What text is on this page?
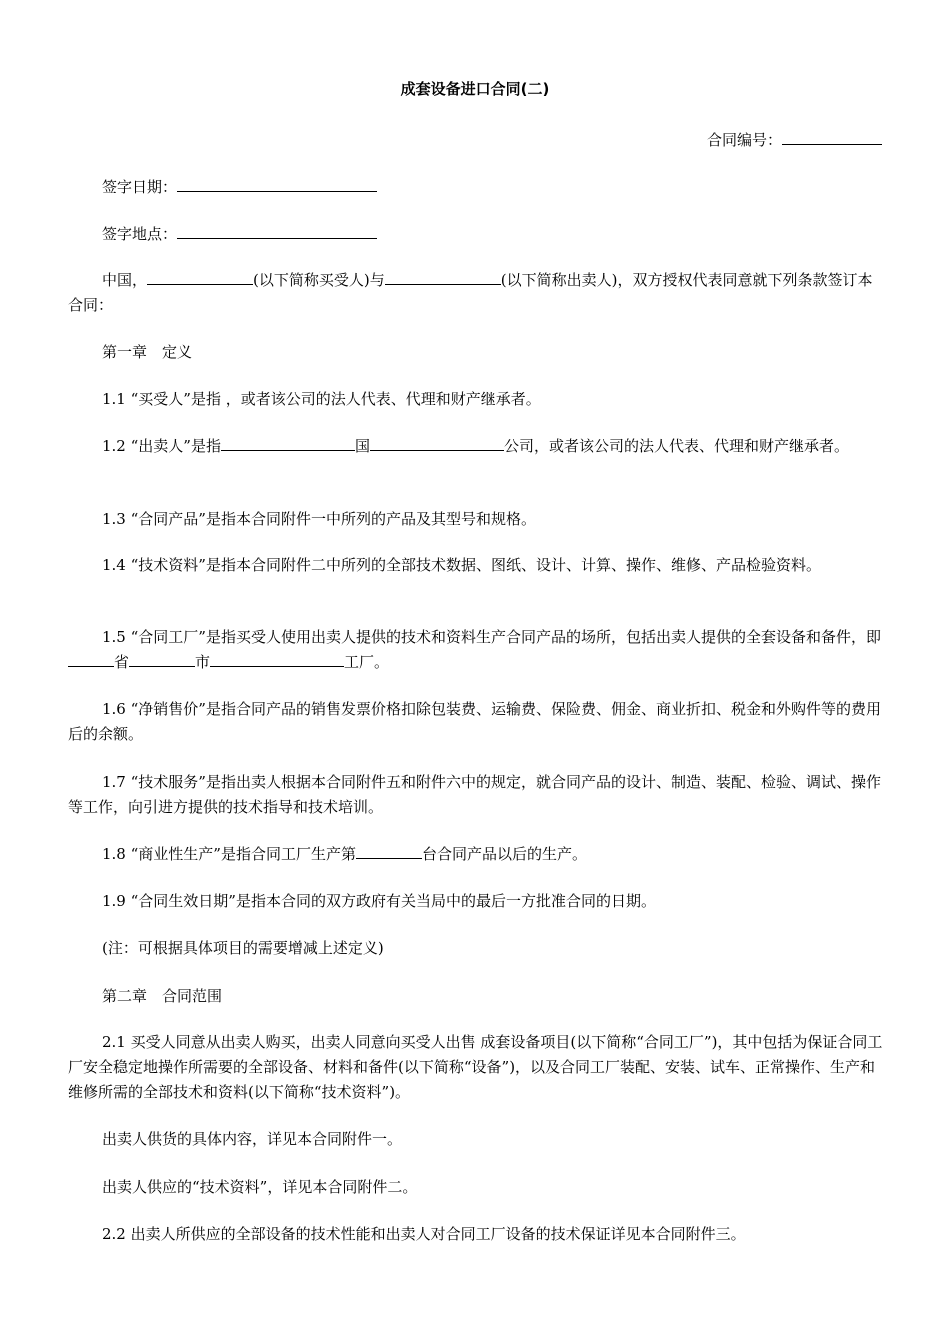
成套设备进口合同(二)
合同编号：
签字日期：
签字地点：

中国，	(以下简称买受人)与	(以下简称出卖人)，双方授权代表同意就下列条款签订本合同：

第一章　定义

1.1 “买受人”是指 ，或者该公司的法人代表、代理和财产继承者。

1.2 “出卖人”是指	国	公司，或者该公司的法人代表、代理和财产继承者。

1.3 “合同产品”是指本合同附件一中所列的产品及其型号和规格。

1.4 “技术资料”是指本合同附件二中所列的全部技术数据、图纸、设计、计算、操作、维修、产品检验资料。

1.5 “合同工厂”是指买受人使用出卖人提供的技术和资料生产合同产品的场所，包括出卖人提供的全套设备和备件，即省	市	工厂。

1.6 “净销售价”是指合同产品的销售发票价格扣除包装费、运输费、保险费、佣金、商业折扣、税金和外购件等的费用后的余额。

1.7 “技术服务”是指出卖人根据本合同附件五和附件六中的规定，就合同产品的设计、制造、装配、检验、调试、操作等工作，向引进方提供的技术指导和技术培训。

1.8 “商业性生产”是指合同工厂生产第	台合同产品以后的生产。

1.9 “合同生效日期”是指本合同的双方政府有关当局中的最后一方批准合同的日期。

(注：可根据具体项目的需要增减上述定义)

第二章　合同范围

2.1 买受人同意从出卖人购买，出卖人同意向买受人出售 成套设备项目(以下简称“合同工厂”)，其中包括为保证合同工厂安全稳定地操作所需要的全部设备、材料和备件(以下简称“设备”)，以及合同工厂装配、安装、试车、正常操作、生产和维修所需的全部技术和资料(以下简称“技术资料”)。

出卖人供货的具体内容，详见本合同附件一。

出卖人供应的“技术资料”，详见本合同附件二。

2.2 出卖人所供应的全部设备的技术性能和出卖人对合同工厂设备的技术保证详见本合同附件三。
